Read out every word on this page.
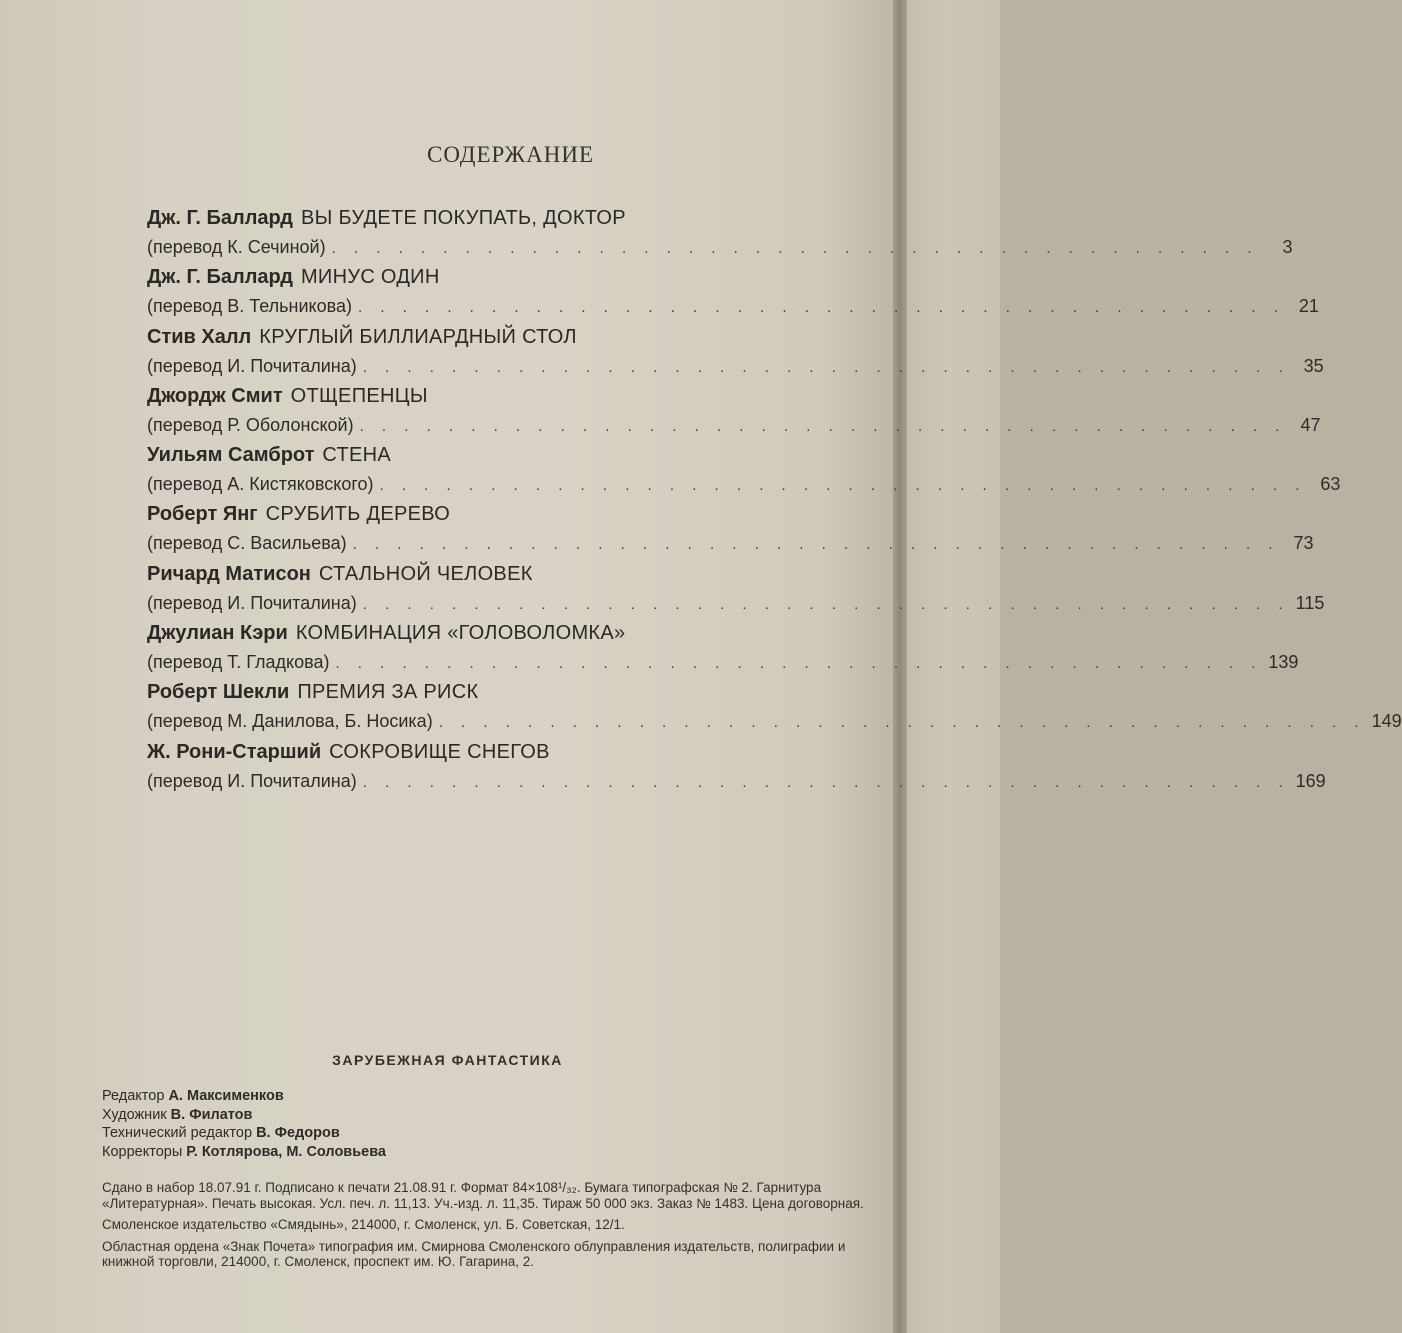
СОДЕРЖАНИЕ
Дж. Г. Баллард ВЫ БУДЕТЕ ПОКУПАТЬ, ДОКТОР
(перевод К. Сечиной) . . . . . . . . . . . . . . . . . . . . . . . . . . . . . . . . . . . . . . . . . .	3
Дж. Г. Баллард МИНУС ОДИН
(перевод В. Тельникова) . . . . . . . . . . . . . . . . . . . . . . . . . . . . . . . . . . . . . . . . . . 21
Стив Халл КРУГЛЫЙ БИЛЛИАРДНЫЙ СТОЛ
(перевод И. Почиталина) . . . . . . . . . . . . . . . . . . . . . . . . . . . . . . . . . . . . . . . . . . 35
Джордж Смит ОТЩЕПЕНЦЫ
(перевод Р. Оболонской) . . . . . . . . . . . . . . . . . . . . . . . . . . . . . . . . . . . . . . . . . . 47
Уильям Самброт СТЕНА
(перевод А. Кистяковского) . . . . . . . . . . . . . . . . . . . . . . . . . . . . . . . . . . . . . . . . . . 63
Роберт Янг СРУБИТЬ ДЕРЕВО
(перевод С. Васильева) . . . . . . . . . . . . . . . . . . . . . . . . . . . . . . . . . . . . . . . . . . 73
Ричард Матисон СТАЛЬНОЙ ЧЕЛОВЕК
(перевод И. Почиталина) . . . . . . . . . . . . . . . . . . . . . . . . . . . . . . . . . . . . . . . . . . 115
Джулиан Кэри КОМБИНАЦИЯ «ГОЛОВОЛОМКА»
(перевод Т. Гладкова) . . . . . . . . . . . . . . . . . . . . . . . . . . . . . . . . . . . . . . . . . . 139
Роберт Шекли ПРЕМИЯ ЗА РИСК
(перевод М. Данилова, Б. Носика) . . . . . . . . . . . . . . . . . . . . . . . . . . . . . . . . . . . . . . . . . . 149
Ж. Рони-Старший СОКРОВИЩЕ СНЕГОВ
(перевод И. Почиталина) . . . . . . . . . . . . . . . . . . . . . . . . . . . . . . . . . . . . . . . . . . 169
ЗАРУБЕЖНАЯ ФАНТАСТИКА
Редактор А. Максименков
Художник В. Филатов
Технический редактор В. Федоров
Корректоры Р. Котлярова, М. Соловьева

Сдано в набор 18.07.91 г. Подписано к печати 21.08.91 г. Формат 84×108¹/₃₂. Бумага типографская № 2. Гарнитура «Литературная». Печать высокая. Усл. печ. л. 11,13. Уч.-изд. л. 11,35. Тираж 50 000 экз. Заказ № 1483. Цена договорная.

Смоленское издательство «Смядынь», 214000, г. Смоленск, ул. Б. Советская, 12/1.

Областная ордена «Знак Почета» типография им. Смирнова Смоленского облуправления издательств, полиграфии и книжной торговли, 214000, г. Смоленск, проспект им. Ю. Гагарина, 2.
